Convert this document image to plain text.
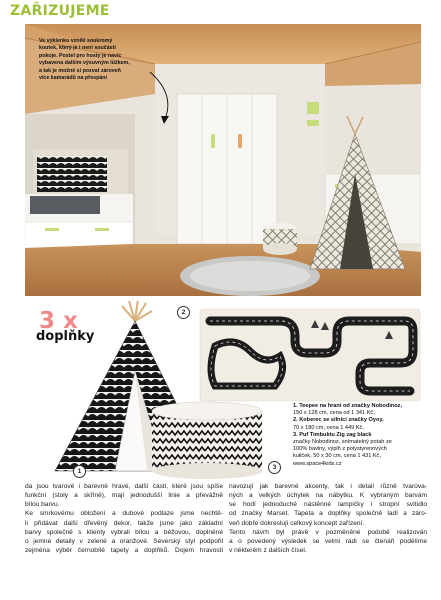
ZAŘIZUJEME
Ve výklenku vznikl soukromý
koutek, který je i není součástí
pokoje. Postel pro hosty je navíc
vybavena dalším výsuvným lůžkem,
a tak je možné si pozvat zároveň
více kamarádů na přespání
3 x
doplňky
2
1
3
1. Teepee na hraní od značky Nobodinoz,
150 x 128 cm, cena od 1 341 Kč,
2. Koberec se silnicí značky Oyoy,
70 x 180 cm, cena 1 449 Kč,
3. Puf Timbuktu Zig zag black
značky Nobodinoz, snímatelný potah ze
100% bavlny, výplň z polystyrenových
kuliček, 50 x 30 cm, cena 1 431 Kč,
www.space4kids.cz

da jsou tvarově i barevně hravé, další části, které jsou spíše

funkční (stoly a skříně), mají jednodušší linie a převážně

bílou barvu.

Ke smrkovému obložení a dubové podlaze jsme nechtě-

li přidávat další dřevěný dekor, takže jsme jako základní

barvy společně s klienty vybrali bílou a béžovou, doplněné

o jemné detaily v zelené a oranžové. Severský styl podpořil

zejména výběr černobílé tapety a doplňků. Dojem hravosti

navozují jak barevné akcenty, tak i detail různě tvarova-

ných a velkých úchytek na nábytku. K vybraným barvám

se hodí jednoduché nástěnné lampičky i stropní svítidlo

od značky Marset. Tapeta a doplňky společně ladí a záro-

veň dobře dokreslují celkový koncept zařízení.

Tento návrh byl právě v pozměněné podobě realizován

a o povedený výsledek se velmi rádi se čtenáři podělíme

v některém z dalších čísel.
